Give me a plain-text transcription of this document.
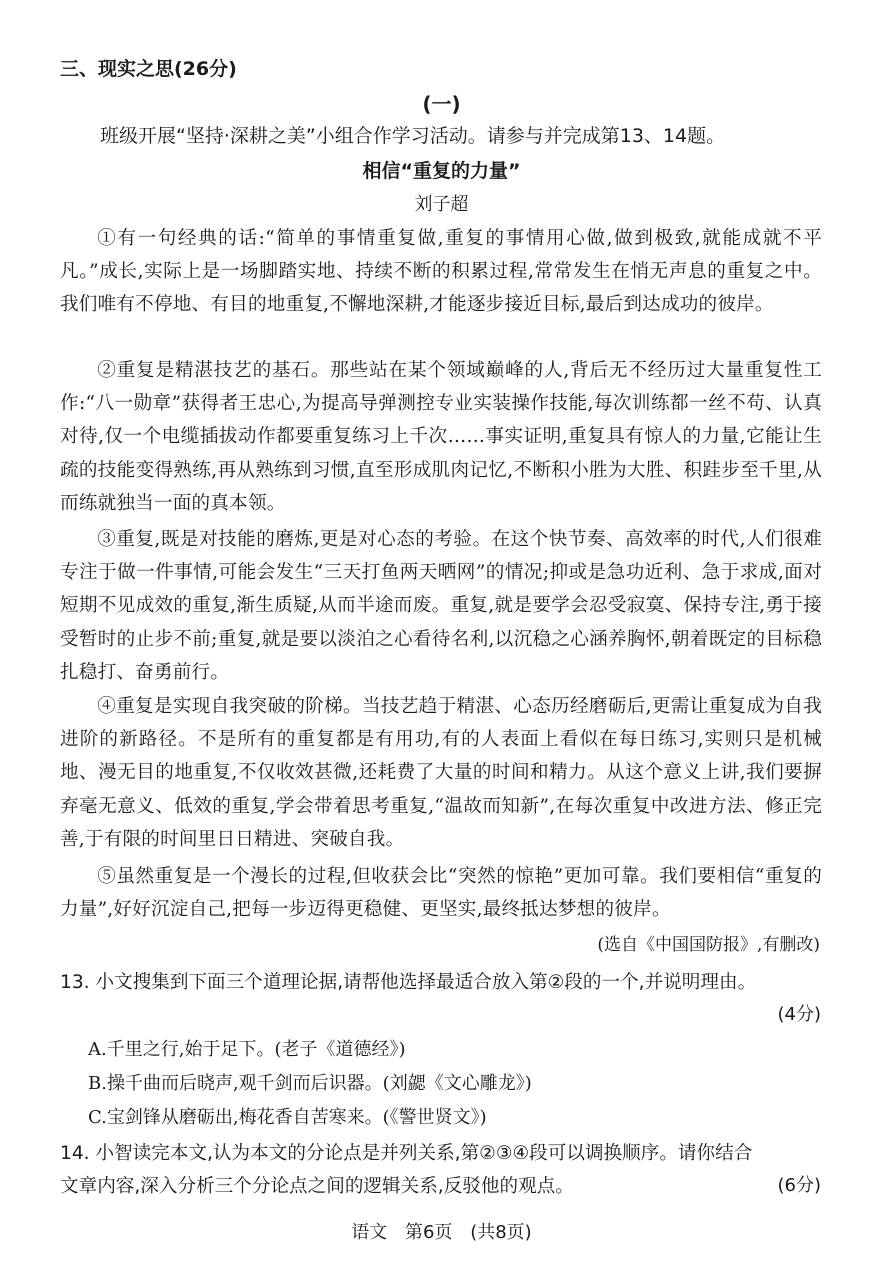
三、现实之思(26分)
(一)
班级开展“坚持·深耕之美”小组合作学习活动。请参与并完成第13、14题。
相信“重复的力量”
刘子超
①有一句经典的话:“简单的事情重复做,重复的事情用心做,做到极致,就能成就不平凡。”成长,实际上是一场脚踏实地、持续不断的积累过程,常常发生在悄无声息的重复之中。我们唯有不停地、有目的地重复,不懈地深耕,才能逐步接近目标,最后到达成功的彼岸。
②重复是精湛技艺的基石。那些站在某个领域巅峰的人,背后无不经历过大量重复性工作:“八一勋章”获得者王忠心,为提高导弹测控专业实装操作技能,每次训练都一丝不苟、认真对待,仅一个电缆插拔动作都要重复练习上千次……事实证明,重复具有惊人的力量,它能让生疏的技能变得熟练,再从熟练到习惯,直至形成肌肉记忆,不断积小胜为大胜、积跬步至千里,从而练就独当一面的真本领。
③重复,既是对技能的磨炼,更是对心态的考验。在这个快节奏、高效率的时代,人们很难专注于做一件事情,可能会发生“三天打鱼两天晒网”的情况;抑或是急功近利、急于求成,面对短期不见成效的重复,渐生质疑,从而半途而废。重复,就是要学会忍受寂寞、保持专注,勇于接受暂时的止步不前;重复,就是要以淡泊之心看待名利,以沉稳之心涵养胸怀,朝着既定的目标稳扎稳打、奋勇前行。
④重复是实现自我突破的阶梯。当技艺趋于精湛、心态历经磨砺后,更需让重复成为自我进阶的新路径。不是所有的重复都是有用功,有的人表面上看似在每日练习,实则只是机械地、漫无目的地重复,不仅收效甚微,还耗费了大量的时间和精力。从这个意义上讲,我们要摒弃毫无意义、低效的重复,学会带着思考重复,“温故而知新”,在每次重复中改进方法、修正完善,于有限的时间里日日精进、突破自我。
⑤虽然重复是一个漫长的过程,但收获会比“突然的惊艳”更加可靠。我们要相信“重复的力量”,好好沉淀自己,把每一步迈得更稳健、更坚实,最终抵达梦想的彼岸。
(选自《中国国防报》,有删改)
13. 小文搜集到下面三个道理论据,请帮他选择最适合放入第②段的一个,并说明理由。
(4分)
A.千里之行,始于足下。(老子《道德经》)
B.操千曲而后晓声,观千剑而后识器。(刘勰《文心雕龙》)
C.宝剑锋从磨砺出,梅花香自苦寒来。(《警世贤文》)
14. 小智读完本文,认为本文的分论点是并列关系,第②③④段可以调换顺序。请你结合文章内容,深入分析三个分论点之间的逻辑关系,反驳他的观点。	(6分)
语文 第6页 (共8页)
